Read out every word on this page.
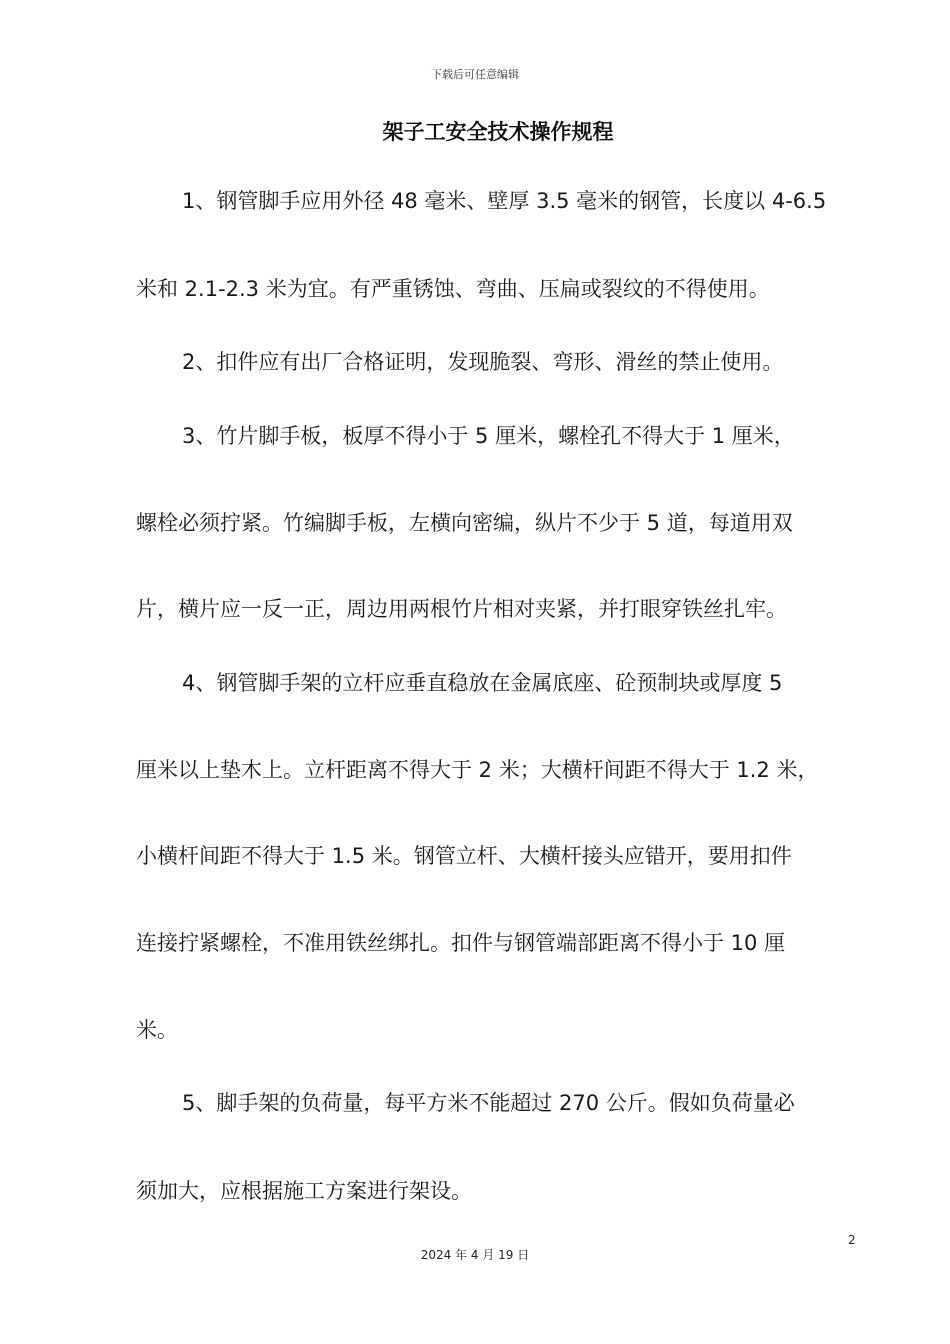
下载后可任意编辑
架子工安全技术操作规程
1、钢管脚手应用外径 48 毫米、壁厚 3.5 毫米的钢管，长度以 4-6.5
米和 2.1-2.3 米为宜。有严重锈蚀、弯曲、压扁或裂纹的不得使用。
2、扣件应有出厂合格证明，发现脆裂、弯形、滑丝的禁止使用。
3、竹片脚手板，板厚不得小于 5 厘米，螺栓孔不得大于 1 厘米，
螺栓必须拧紧。竹编脚手板，左横向密编，纵片不少于 5 道，每道用双
片，横片应一反一正，周边用两根竹片相对夹紧，并打眼穿铁丝扎牢。
4、钢管脚手架的立杆应垂直稳放在金属底座、砼预制块或厚度 5
厘米以上垫木上。立杆距离不得大于 2 米；大横杆间距不得大于 1.2 米，
小横杆间距不得大于 1.5 米。钢管立杆、大横杆接头应错开，要用扣件
连接拧紧螺栓，不准用铁丝绑扎。扣件与钢管端部距离不得小于 10 厘
米。
5、脚手架的负荷量，每平方米不能超过 270 公斤。假如负荷量必
须加大，应根据施工方案进行架设。
2
2024 年 4 月 19 日
